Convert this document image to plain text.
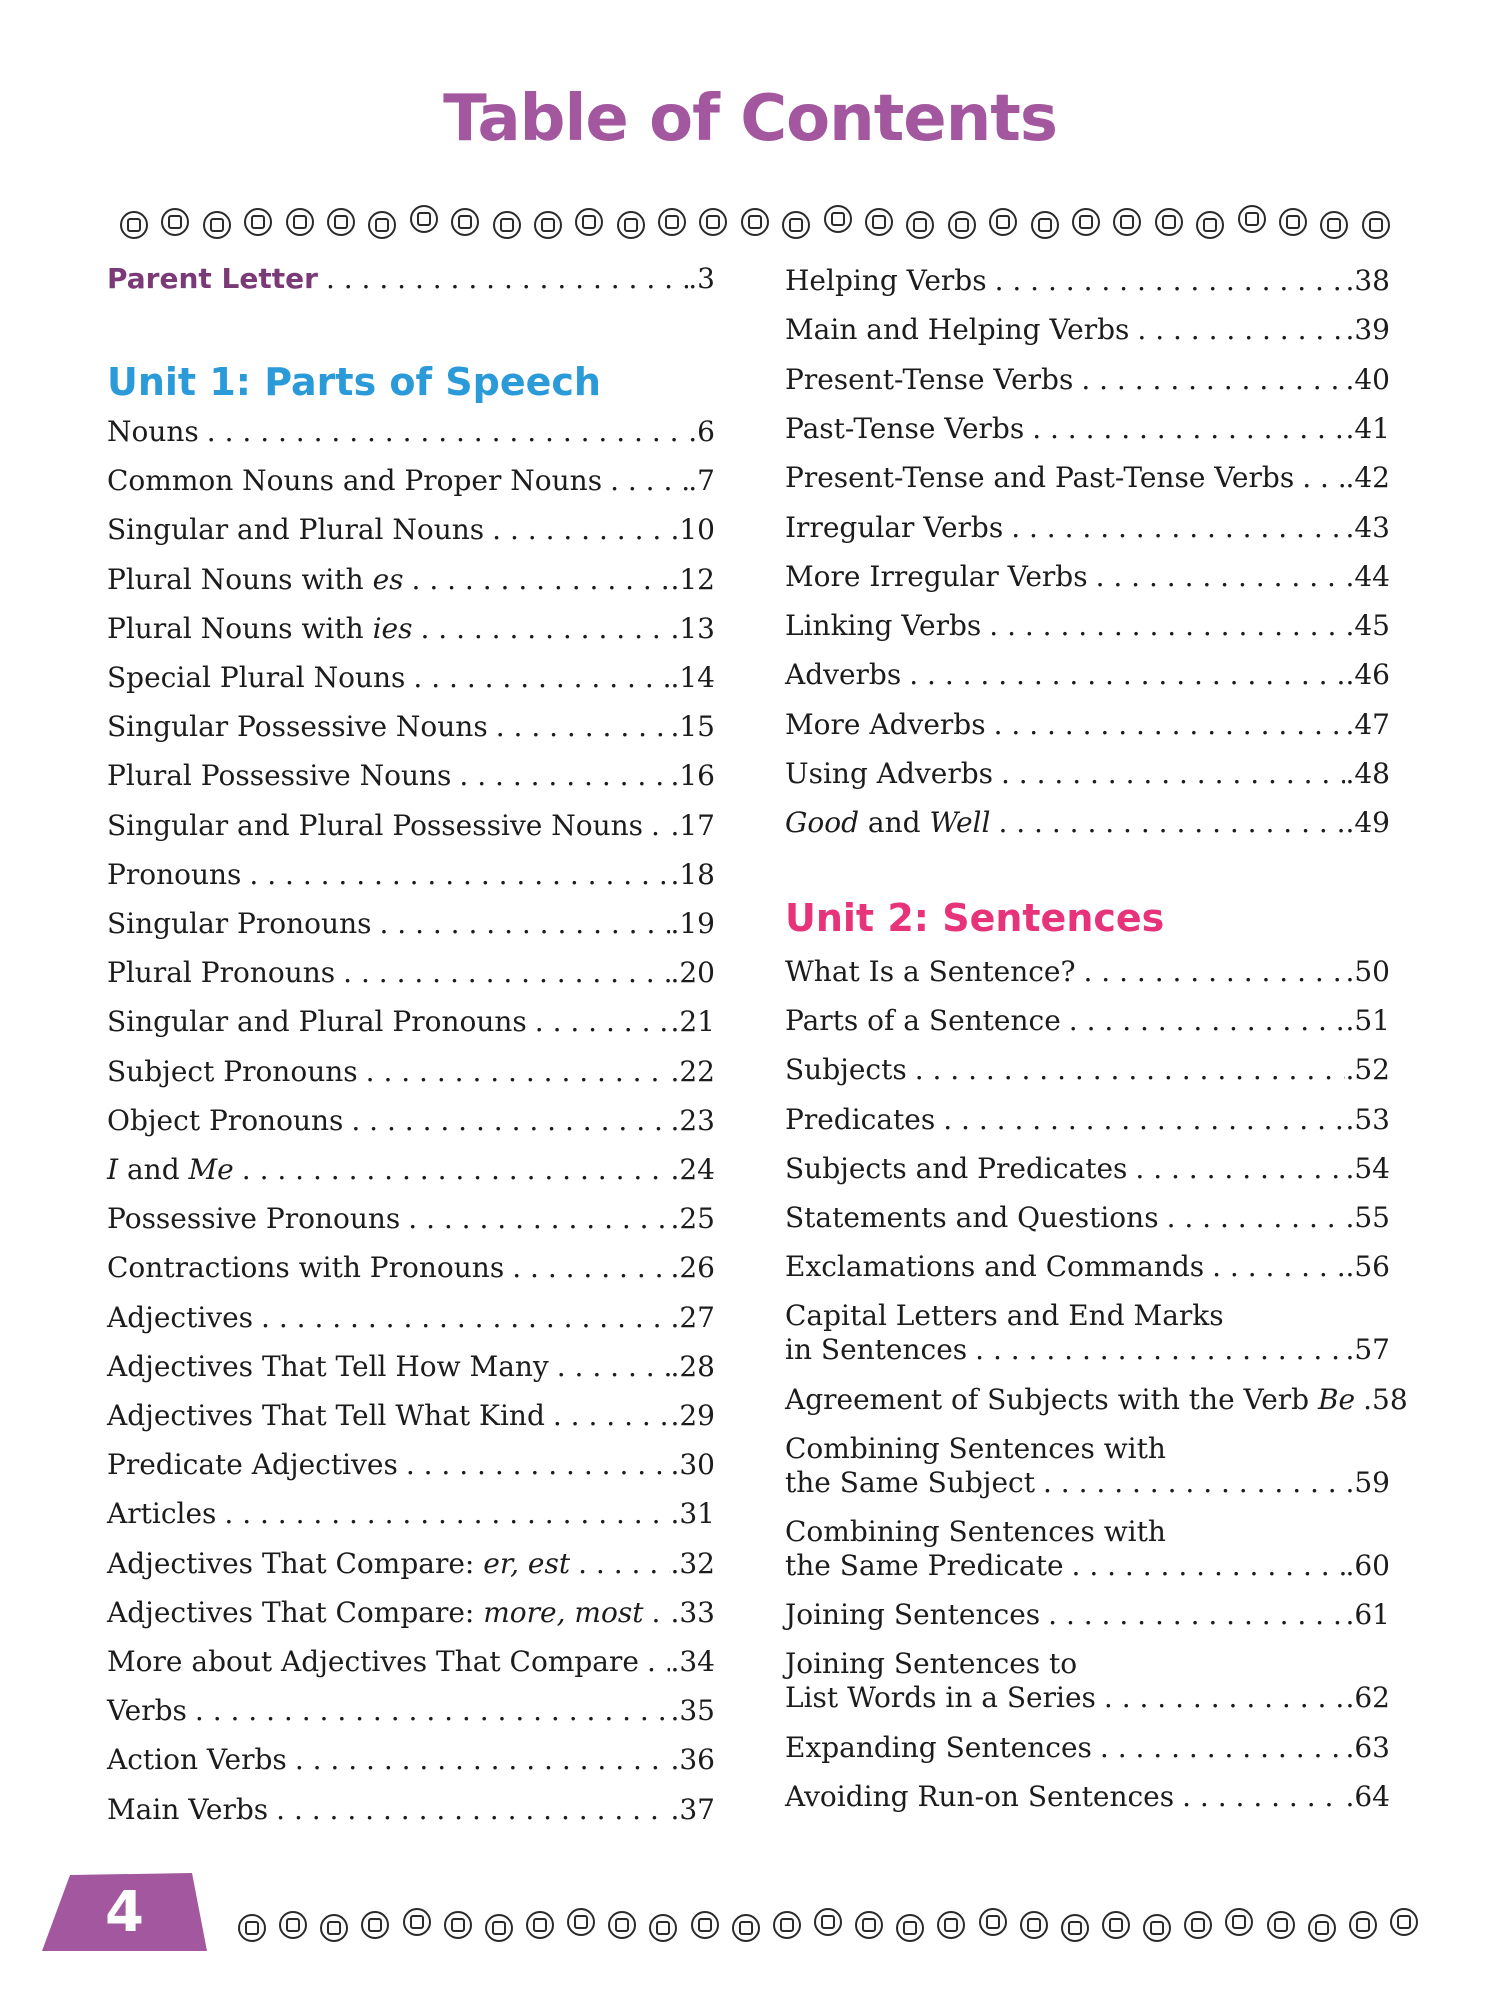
Table of Contents
Parent Letter . . .	.3
Unit 1: Parts of Speech
Nouns . . .	.6
Common Nouns and Proper Nouns . . .	.7
Singular and Plural Nouns . . .	.10
Plural Nouns with es . . .	.12
Plural Nouns with ies . . .	.13
Special Plural Nouns . . .	.14
Singular Possessive Nouns . . .	.15
Plural Possessive Nouns . . .	.16
Singular and Plural Possessive Nouns . . . .17
Pronouns . . .	.18
Singular Pronouns . . .	.19
Plural Pronouns . . .	.20
Singular and Plural Pronouns . . .	.21
Subject Pronouns . . .	.22
Object Pronouns . . .	.23
I and Me . . .	.24
Possessive Pronouns . . .	.25
Contractions with Pronouns . . .	.26
Adjectives . . .	.27
Adjectives That Tell How Many . . .	.28
Adjectives That Tell What Kind . . .	.29
Predicate Adjectives . . .	.30
Articles . . .	.31
Adjectives That Compare: er, est . . .	.32
Adjectives That Compare: more, most . . . .33
More about Adjectives That Compare . . . .34
Verbs . . .	.35
Action Verbs . . .	.36
Main Verbs . . .	.37
Helping Verbs . . .	.38
Main and Helping Verbs . . .	.39
Present-Tense Verbs . . .	.40
Past-Tense Verbs . . .	.41
Present-Tense and Past-Tense Verbs . . . .42
Irregular Verbs . . .	.43
More Irregular Verbs . . .	.44
Linking Verbs . . .	.45
Adverbs . . .	.46
More Adverbs . . .	.47
Using Adverbs . . .	.48
Good and Well . . .	.49
Unit 2: Sentences
What Is a Sentence? . . .	.50
Parts of a Sentence . . .	.51
Subjects . . .	.52
Predicates . . .	.53
Subjects and Predicates . . .	.54
Statements and Questions . . .	.55
Exclamations and Commands . . .	.56
Capital Letters and End Marks
in Sentences . . .	.57
Agreement of Subjects with the Verb Be .58
Combining Sentences with
the Same Subject . . .	.59
Combining Sentences with
the Same Predicate . . .	.60
Joining Sentences . . .	.61
Joining Sentences to
List Words in a Series . . .	.62
Expanding Sentences . . .	.63
Avoiding Run-on Sentences . . .	.64
4
